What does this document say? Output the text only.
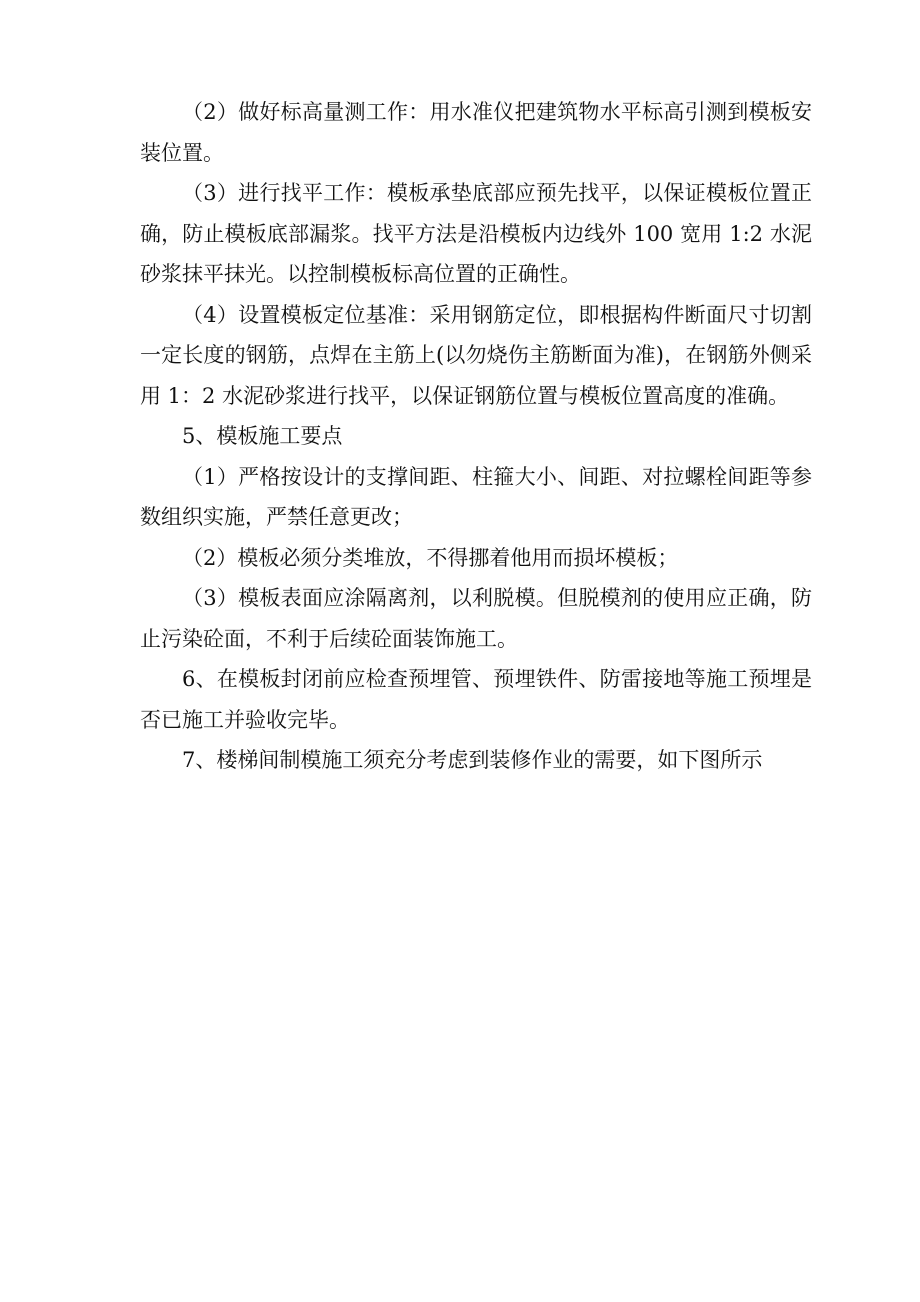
（2）做好标高量测工作：用水准仪把建筑物水平标高引测到模板安装位置。

（3）进行找平工作：模板承垫底部应预先找平，以保证模板位置正确，防止模板底部漏浆。找平方法是沿模板内边线外 100 宽用 1:2 水泥砂浆抹平抹光。以控制模板标高位置的正确性。

（4）设置模板定位基准：采用钢筋定位，即根据构件断面尺寸切割一定长度的钢筋，点焊在主筋上(以勿烧伤主筋断面为准)，在钢筋外侧采用 1：2 水泥砂浆进行找平，以保证钢筋位置与模板位置高度的准确。

5、模板施工要点

（1）严格按设计的支撑间距、柱箍大小、间距、对拉螺栓间距等参数组织实施，严禁任意更改；

（2）模板必须分类堆放，不得挪着他用而损坏模板；

（3）模板表面应涂隔离剂，以利脱模。但脱模剂的使用应正确，防止污染砼面，不利于后续砼面装饰施工。

6、在模板封闭前应检查预埋管、预埋铁件、防雷接地等施工预埋是否已施工并验收完毕。

7、楼梯间制模施工须充分考虑到装修作业的需要，如下图所示
